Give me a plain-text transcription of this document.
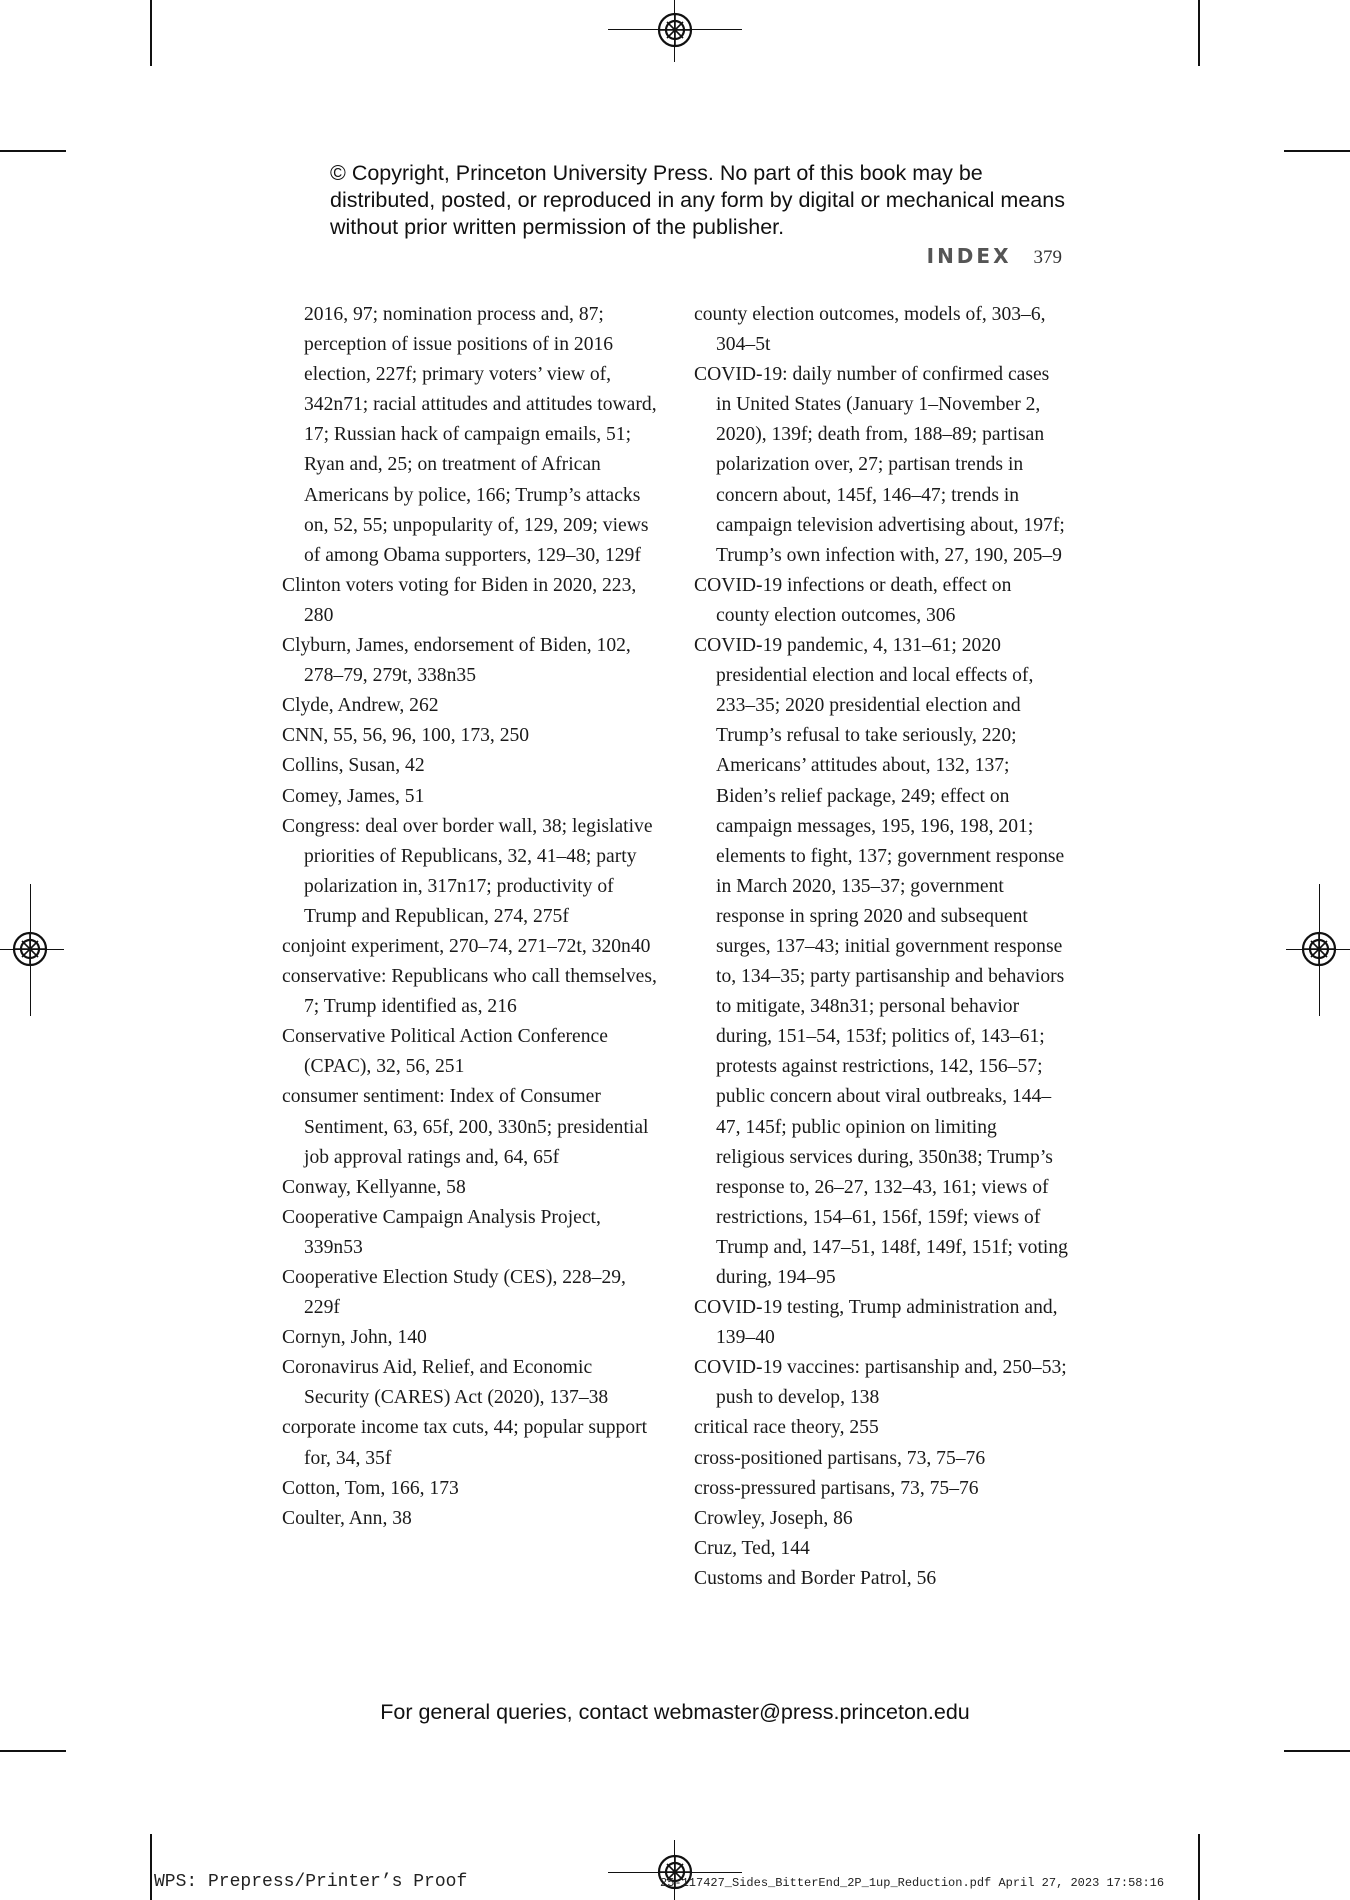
© Copyright, Princeton University Press. No part of this book may be distributed, posted, or reproduced in any form by digital or mechanical means without prior written permission of the publisher.
INDEX 379
2016, 97; nomination process and, 87; perception of issue positions of in 2016 election, 227f; primary voters’ view of, 342n71; racial attitudes and attitudes toward, 17; Russian hack of campaign emails, 51; Ryan and, 25; on treatment of African Americans by police, 166; Trump’s attacks on, 52, 55; unpopularity of, 129, 209; views of among Obama supporters, 129–30, 129f
Clinton voters voting for Biden in 2020, 223, 280
Clyburn, James, endorsement of Biden, 102, 278–79, 279t, 338n35
Clyde, Andrew, 262
CNN, 55, 56, 96, 100, 173, 250
Collins, Susan, 42
Comey, James, 51
Congress: deal over border wall, 38; legislative priorities of Republicans, 32, 41–48; party polarization in, 317n17; productivity of Trump and Republican, 274, 275f
conjoint experiment, 270–74, 271–72t, 320n40
conservative: Republicans who call themselves, 7; Trump identified as, 216
Conservative Political Action Conference (CPAC), 32, 56, 251
consumer sentiment: Index of Consumer Sentiment, 63, 65f, 200, 330n5; presidential job approval ratings and, 64, 65f
Conway, Kellyanne, 58
Cooperative Campaign Analysis Project, 339n53
Cooperative Election Study (CES), 228–29, 229f
Cornyn, John, 140
Coronavirus Aid, Relief, and Economic Security (CARES) Act (2020), 137–38
corporate income tax cuts, 44; popular support for, 34, 35f
Cotton, Tom, 166, 173
Coulter, Ann, 38
county election outcomes, models of, 303–6, 304–5t
COVID-19: daily number of confirmed cases in United States (January 1–November 2, 2020), 139f; death from, 188–89; partisan polarization over, 27; partisan trends in concern about, 145f, 146–47; trends in campaign television advertising about, 197f; Trump’s own infection with, 27, 190, 205–9
COVID-19 infections or death, effect on county election outcomes, 306
COVID-19 pandemic, 4, 131–61; 2020 presidential election and local effects of, 233–35; 2020 presidential election and Trump’s refusal to take seriously, 220; Americans’ attitudes about, 132, 137; Biden’s relief package, 249; effect on campaign messages, 195, 196, 198, 201; elements to fight, 137; government response in March 2020, 135–37; government response in spring 2020 and subsequent surges, 137–43; initial government response to, 134–35; party partisanship and behaviors to mitigate, 348n31; personal behavior during, 151–54, 153f; politics of, 143–61; protests against restrictions, 142, 156–57; public concern about viral outbreaks, 144–47, 145f; public opinion on limiting religious services during, 350n38; Trump’s response to, 26–27, 132–43, 161; views of restrictions, 154–61, 156f, 159f; views of Trump and, 147–51, 148f, 149f, 151f; voting during, 194–95
COVID-19 testing, Trump administration and, 139–40
COVID-19 vaccines: partisanship and, 250–53; push to develop, 138
critical race theory, 255
cross-positioned partisans, 73, 75–76
cross-pressured partisans, 73, 75–76
Crowley, Joseph, 86
Cruz, Ted, 144
Customs and Border Patrol, 56
For general queries, contact webmaster@press.princeton.edu
WPS: Prepress/Printer’s Proof	25-117427_Sides_BitterEnd_2P_1up_Reduction.pdf April 27, 2023 17:58:16
